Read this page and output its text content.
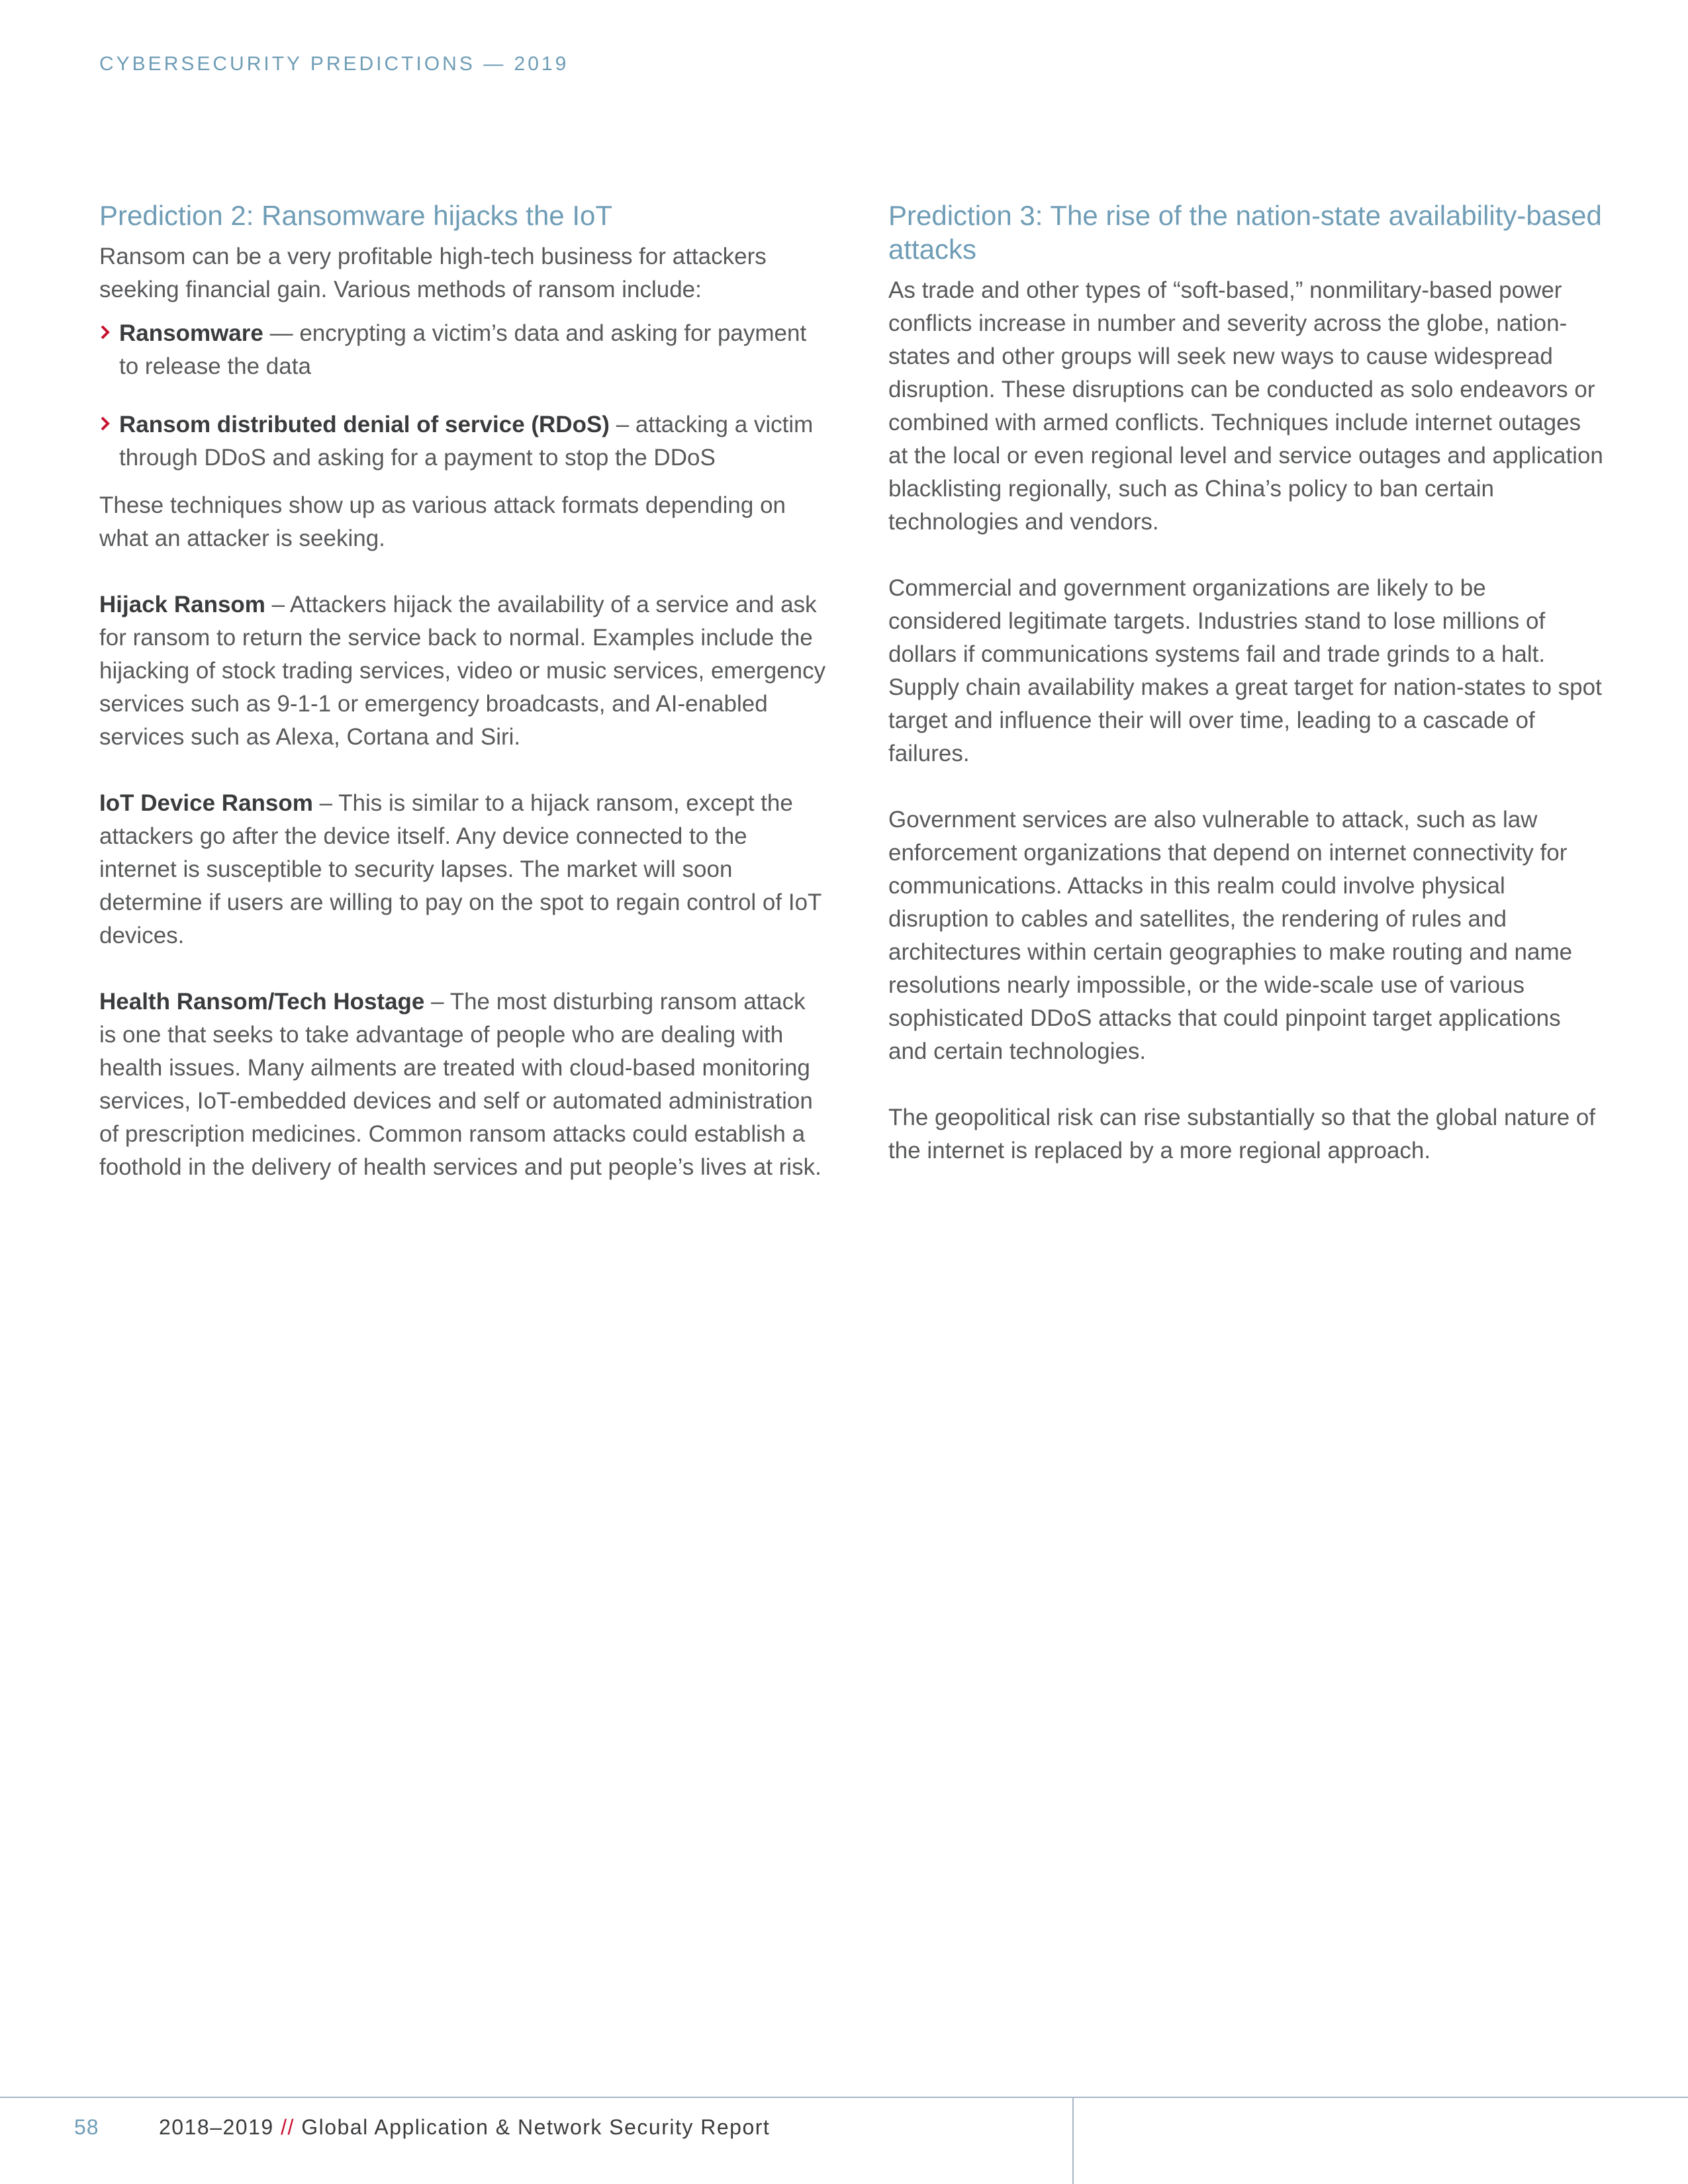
CYBERSECURITY PREDICTIONS — 2019
Prediction 2: Ransomware hijacks the IoT

Ransom can be a very profitable high-tech business for attackers seeking financial gain. Various methods of ransom include:

Ransomware — encrypting a victim’s data and asking for payment to release the data

Ransom distributed denial of service (RDoS) – attacking a victim through DDoS and asking for a payment to stop the DDoS

These techniques show up as various attack formats depending on what an attacker is seeking.

Hijack Ransom – Attackers hijack the availability of a service and ask for ransom to return the service back to normal. Examples include the hijacking of stock trading services, video or music services, emergency services such as 9-1-1 or emergency broadcasts, and AI-enabled services such as Alexa, Cortana and Siri.

IoT Device Ransom – This is similar to a hijack ransom, except the attackers go after the device itself. Any device connected to the internet is susceptible to security lapses. The market will soon determine if users are willing to pay on the spot to regain control of IoT devices.

Health Ransom/Tech Hostage – The most disturbing ransom attack is one that seeks to take advantage of people who are dealing with health issues. Many ailments are treated with cloud-based monitoring services, IoT-embedded devices and self or automated administration of prescription medicines. Common ransom attacks could establish a foothold in the delivery of health services and put people’s lives at risk.

Prediction 3: The rise of the nation-state availability-based attacks

As trade and other types of “soft-based,” nonmilitary-based power conflicts increase in number and severity across the globe, nation-states and other groups will seek new ways to cause widespread disruption. These disruptions can be conducted as solo endeavors or combined with armed conflicts. Techniques include internet outages at the local or even regional level and service outages and application blacklisting regionally, such as China’s policy to ban certain technologies and vendors.

Commercial and government organizations are likely to be considered legitimate targets. Industries stand to lose millions of dollars if communications systems fail and trade grinds to a halt. Supply chain availability makes a great target for nation-states to spot target and influence their will over time, leading to a cascade of failures.

Government services are also vulnerable to attack, such as law enforcement organizations that depend on internet connectivity for communications. Attacks in this realm could involve physical disruption to cables and satellites, the rendering of rules and architectures within certain geographies to make routing and name resolutions nearly impossible, or the wide-scale use of various sophisticated DDoS attacks that could pinpoint target applications and certain technologies.

The geopolitical risk can rise substantially so that the global nature of the internet is replaced by a more regional approach.

58	2018–2019 // Global Application & Network Security Report
